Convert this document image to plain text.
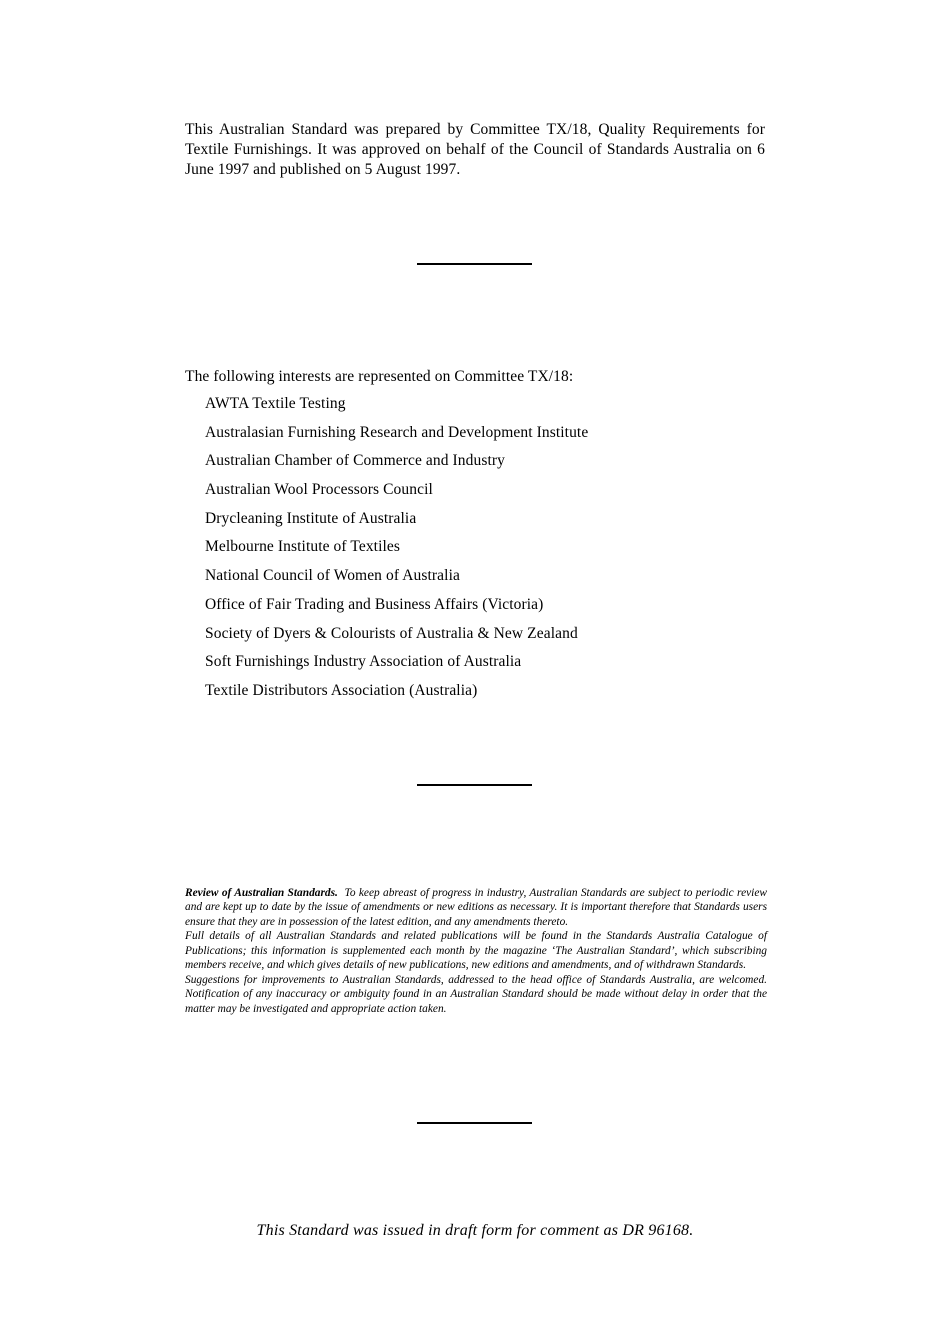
This Australian Standard was prepared by Committee TX/18, Quality Requirements for Textile Furnishings. It was approved on behalf of the Council of Standards Australia on 6 June 1997 and published on 5 August 1997.
The following interests are represented on Committee TX/18:
AWTA Textile Testing
Australasian Furnishing Research and Development Institute
Australian Chamber of Commerce and Industry
Australian Wool Processors Council
Drycleaning Institute of Australia
Melbourne Institute of Textiles
National Council of Women of Australia
Office of Fair Trading and Business Affairs (Victoria)
Society of Dyers & Colourists of Australia & New Zealand
Soft Furnishings Industry Association of Australia
Textile Distributors Association (Australia)

Review of Australian Standards. To keep abreast of progress in industry, Australian Standards are subject to periodic review and are kept up to date by the issue of amendments or new editions as necessary. It is important therefore that Standards users ensure that they are in possession of the latest edition, and any amendments thereto.

Full details of all Australian Standards and related publications will be found in the Standards Australia Catalogue of Publications; this information is supplemented each month by the magazine ‘The Australian Standard’, which subscribing members receive, and which gives details of new publications, new editions and amendments, and of withdrawn Standards.

Suggestions for improvements to Australian Standards, addressed to the head office of Standards Australia, are welcomed. Notification of any inaccuracy or ambiguity found in an Australian Standard should be made without delay in order that the matter may be investigated and appropriate action taken.

This Standard was issued in draft form for comment as DR 96168.
